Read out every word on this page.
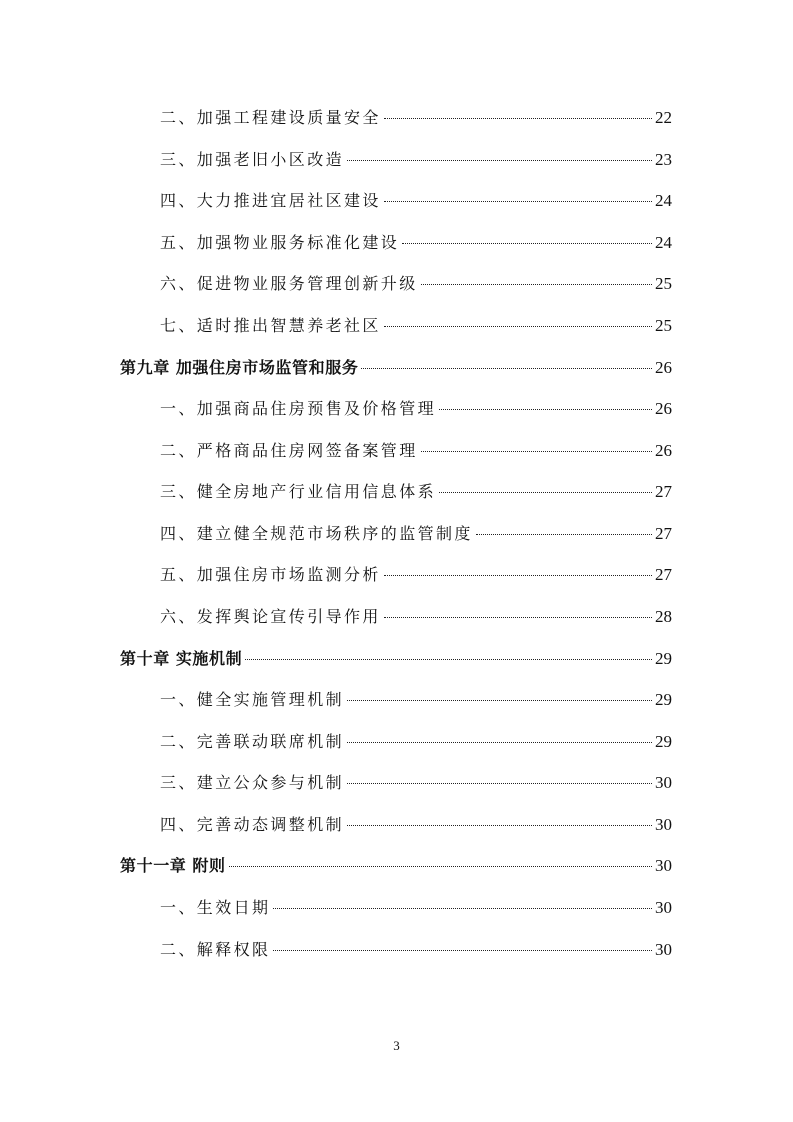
二、加强工程建设质量安全	22
三、加强老旧小区改造	23
四、大力推进宜居社区建设	24
五、加强物业服务标准化建设	24
六、促进物业服务管理创新升级	25
七、适时推出智慧养老社区	25
第九章 加强住房市场监管和服务	26
一、加强商品住房预售及价格管理	26
二、严格商品住房网签备案管理	26
三、健全房地产行业信用信息体系	27
四、建立健全规范市场秩序的监管制度	27
五、加强住房市场监测分析	27
六、发挥舆论宣传引导作用	28
第十章 实施机制	29
一、健全实施管理机制	29
二、完善联动联席机制	29
三、建立公众参与机制	30
四、完善动态调整机制	30
第十一章 附则	30
一、生效日期	30
二、解释权限	30
3
